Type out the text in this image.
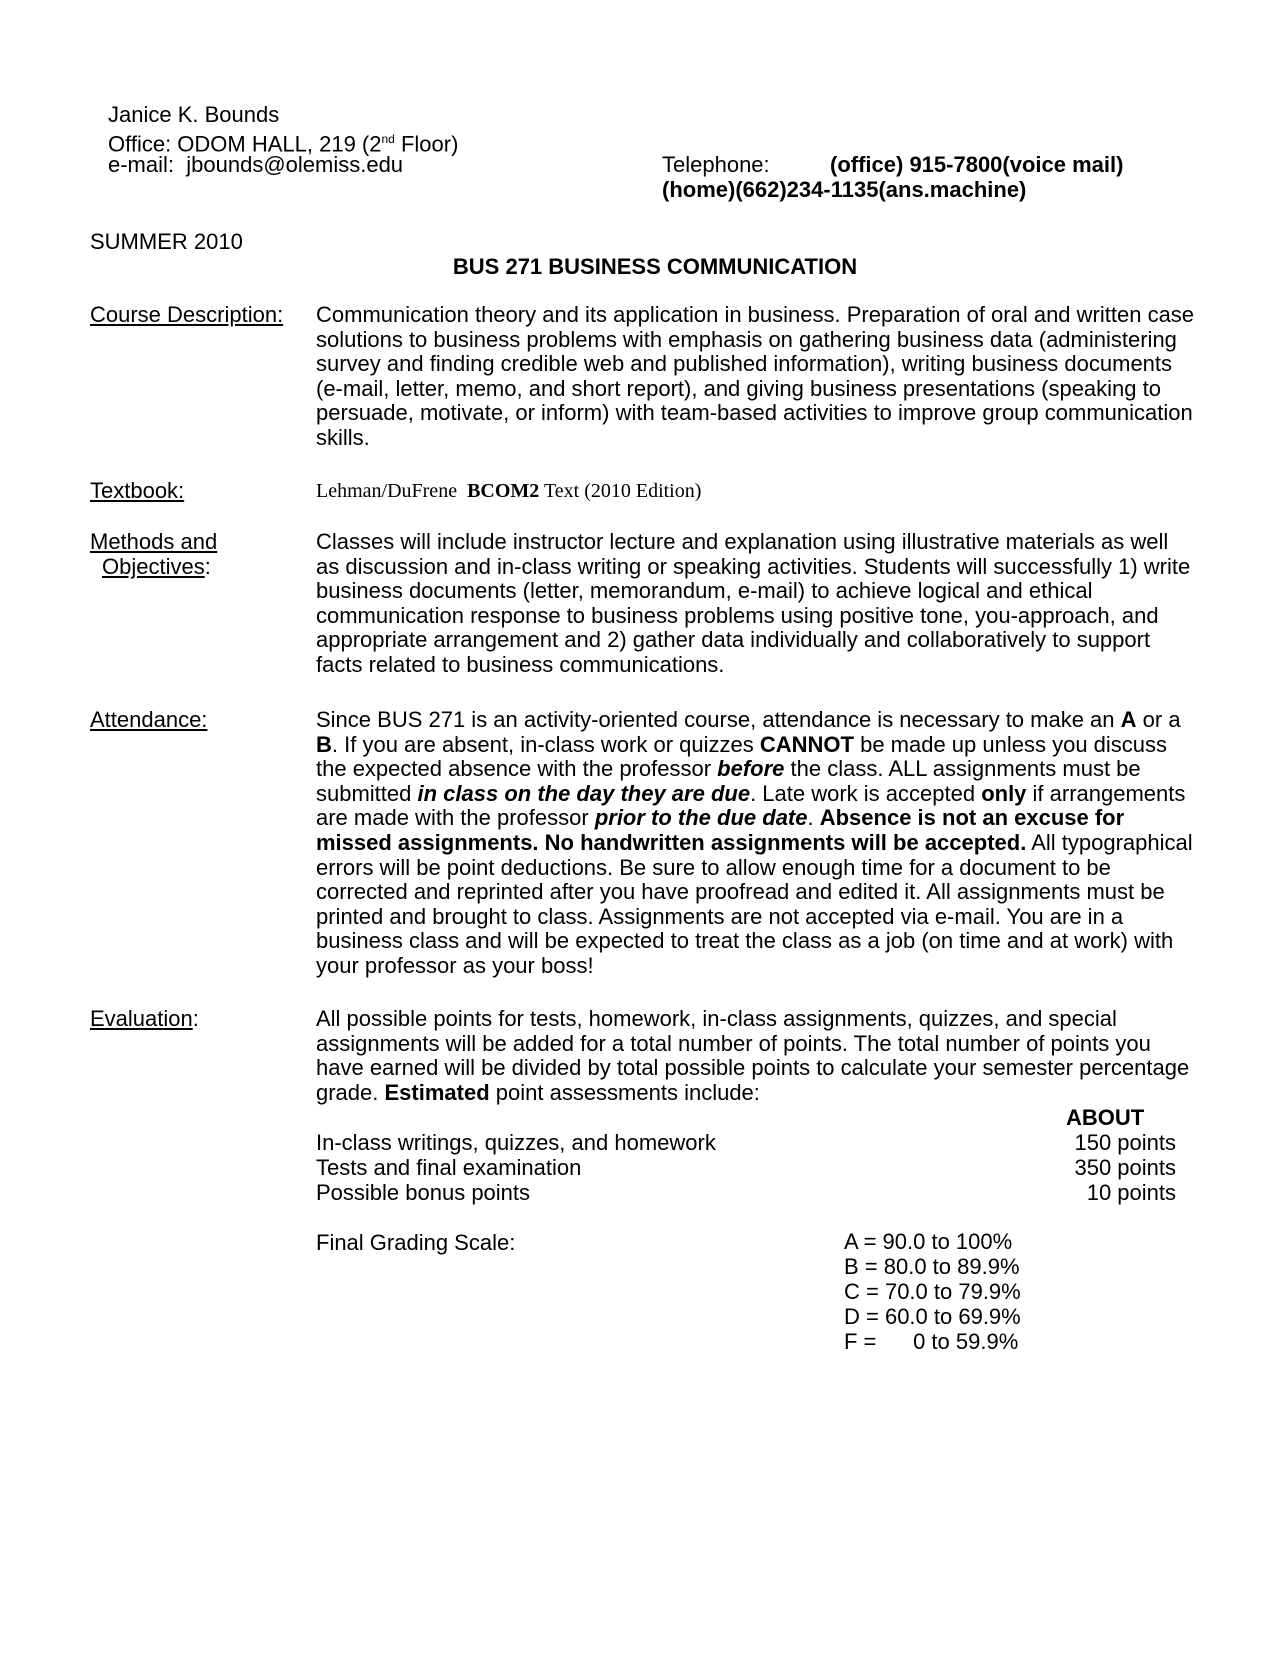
Janice K. Bounds
Office: ODOM HALL, 219 (2nd Floor)
e-mail: jbounds@olemiss.edu	Telephone:	(office) 915-7800(voice mail)
(home)(662)234-1135(ans.machine)
SUMMER 2010
BUS 271 BUSINESS COMMUNICATION
Course Description: Communication theory and its application in business. Preparation of oral and written case solutions to business problems with emphasis on gathering business data (administering survey and finding credible web and published information), writing business documents (e-mail, letter, memo, and short report), and giving business presentations (speaking to persuade, motivate, or inform) with team-based activities to improve group communication skills.
Textbook:	Lehman/DuFrene BCOM2 Text (2010 Edition)
Methods and
Objectives:
Classes will include instructor lecture and explanation using illustrative materials as well as discussion and in-class writing or speaking activities. Students will successfully 1) write business documents (letter, memorandum, e-mail) to achieve logical and ethical communication response to business problems using positive tone, you-approach, and appropriate arrangement and 2) gather data individually and collaboratively to support facts related to business communications.
Attendance:	Since BUS 271 is an activity-oriented course, attendance is necessary to make an A or a B. If you are absent, in-class work or quizzes CANNOT be made up unless you discuss the expected absence with the professor before the class. ALL assignments must be submitted in class on the day they are due. Late work is accepted only if arrangements are made with the professor prior to the due date. Absence is not an excuse for missed assignments. No handwritten assignments will be accepted. All typographical errors will be point deductions. Be sure to allow enough time for a document to be corrected and reprinted after you have proofread and edited it. All assignments must be printed and brought to class. Assignments are not accepted via e-mail. You are in a business class and will be expected to treat the class as a job (on time and at work) with your professor as your boss!
Evaluation:	All possible points for tests, homework, in-class assignments, quizzes, and special assignments will be added for a total number of points. The total number of points you have earned will be divided by total possible points to calculate your semester percentage grade. Estimated point assessments include:
ABOUT
In-class writings, quizzes, and homework	150 points
Tests and final examination	350 points
Possible bonus points	10 points
Final Grading Scale:	A = 90.0 to 100%
B = 80.0 to 89.9%
C = 70.0 to 79.9%
D = 60.0 to 69.9%
F =      0 to 59.9%
